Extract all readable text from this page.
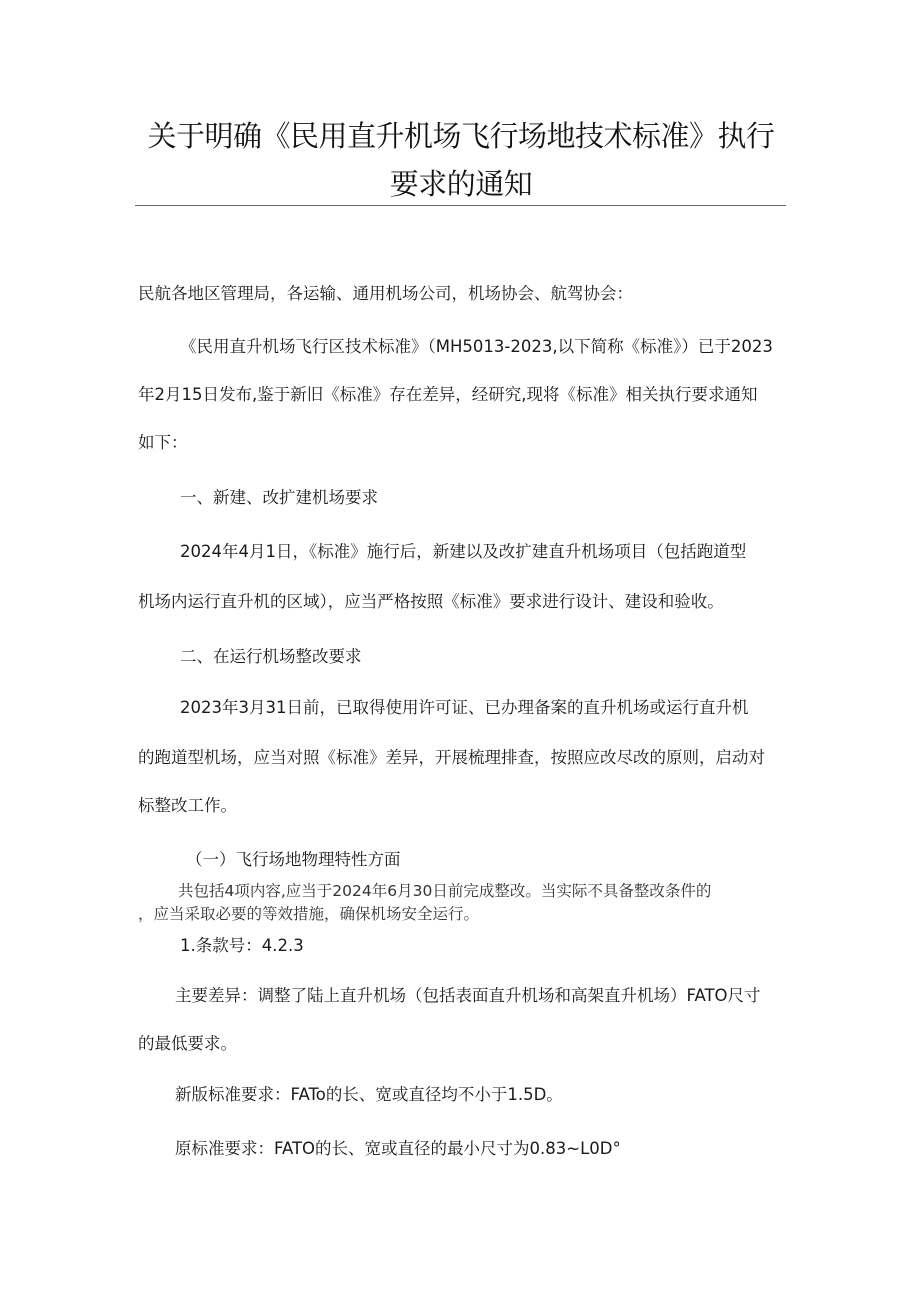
关于明确《民用直升机场飞行场地技术标准》执行要求的通知

民航各地区管理局，各运输、通用机场公司，机场协会、航驾协会：

《民用直升机场飞行区技术标准》（MH5013-2023,以下简称《标准》）已于2023

年2月15日发布,鉴于新旧《标准》存在差异，经研究,现将《标准》相关执行要求通知

如下：

一、新建、改扩建机场要求

2024年4月1日，《标准》施行后，新建以及改扩建直升机场项目（包括跑道型

机场内运行直升机的区域），应当严格按照《标准》要求进行设计、建设和验收。

二、在运行机场整改要求

2023年3月31日前，已取得使用许可证、已办理备案的直升机场或运行直升机

的跑道型机场，应当对照《标准》差异，开展梳理排查，按照应改尽改的原则，启动对

标整改工作。

（一）飞行场地物理特性方面

共包括4项内容,应当于2024年6月30日前完成整改。当实际不具备整改条件的

，应当采取必要的等效措施，确保机场安全运行。

1.条款号：4.2.3

主要差异：调整了陆上直升机场（包括表面直升机场和高架直升机场）FATO尺寸

的最低要求。

新版标准要求：FATo的长、宽或直径均不小于1.5D。

原标准要求：FATO的长、宽或直径的最小尺寸为0.83~L0D°
